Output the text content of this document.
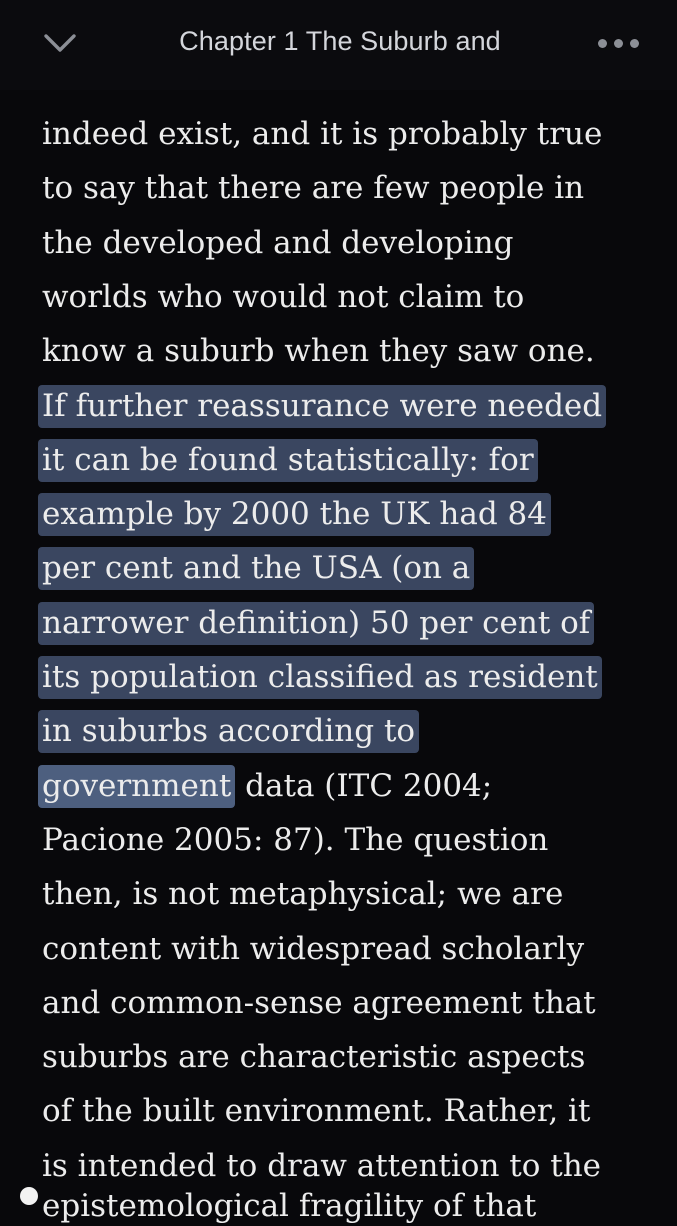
Chapter 1 The Suburb and
indeed exist, and it is probably true
to say that there are few people in
the developed and developing
worlds who would not claim to
know a suburb when they saw one.
If further reassurance were needed
it can be found statistically: for
example by 2000 the UK had 84
per cent and the USA (on a
narrower definition) 50 per cent of
its population classified as resident
in suburbs according to
government data (ITC 2004;
Pacione 2005: 87). The question
then, is not metaphysical; we are
content with widespread scholarly
and common-sense agreement that
suburbs are characteristic aspects
of the built environment. Rather, it
is intended to draw attention to the
epistemological fragility of that
